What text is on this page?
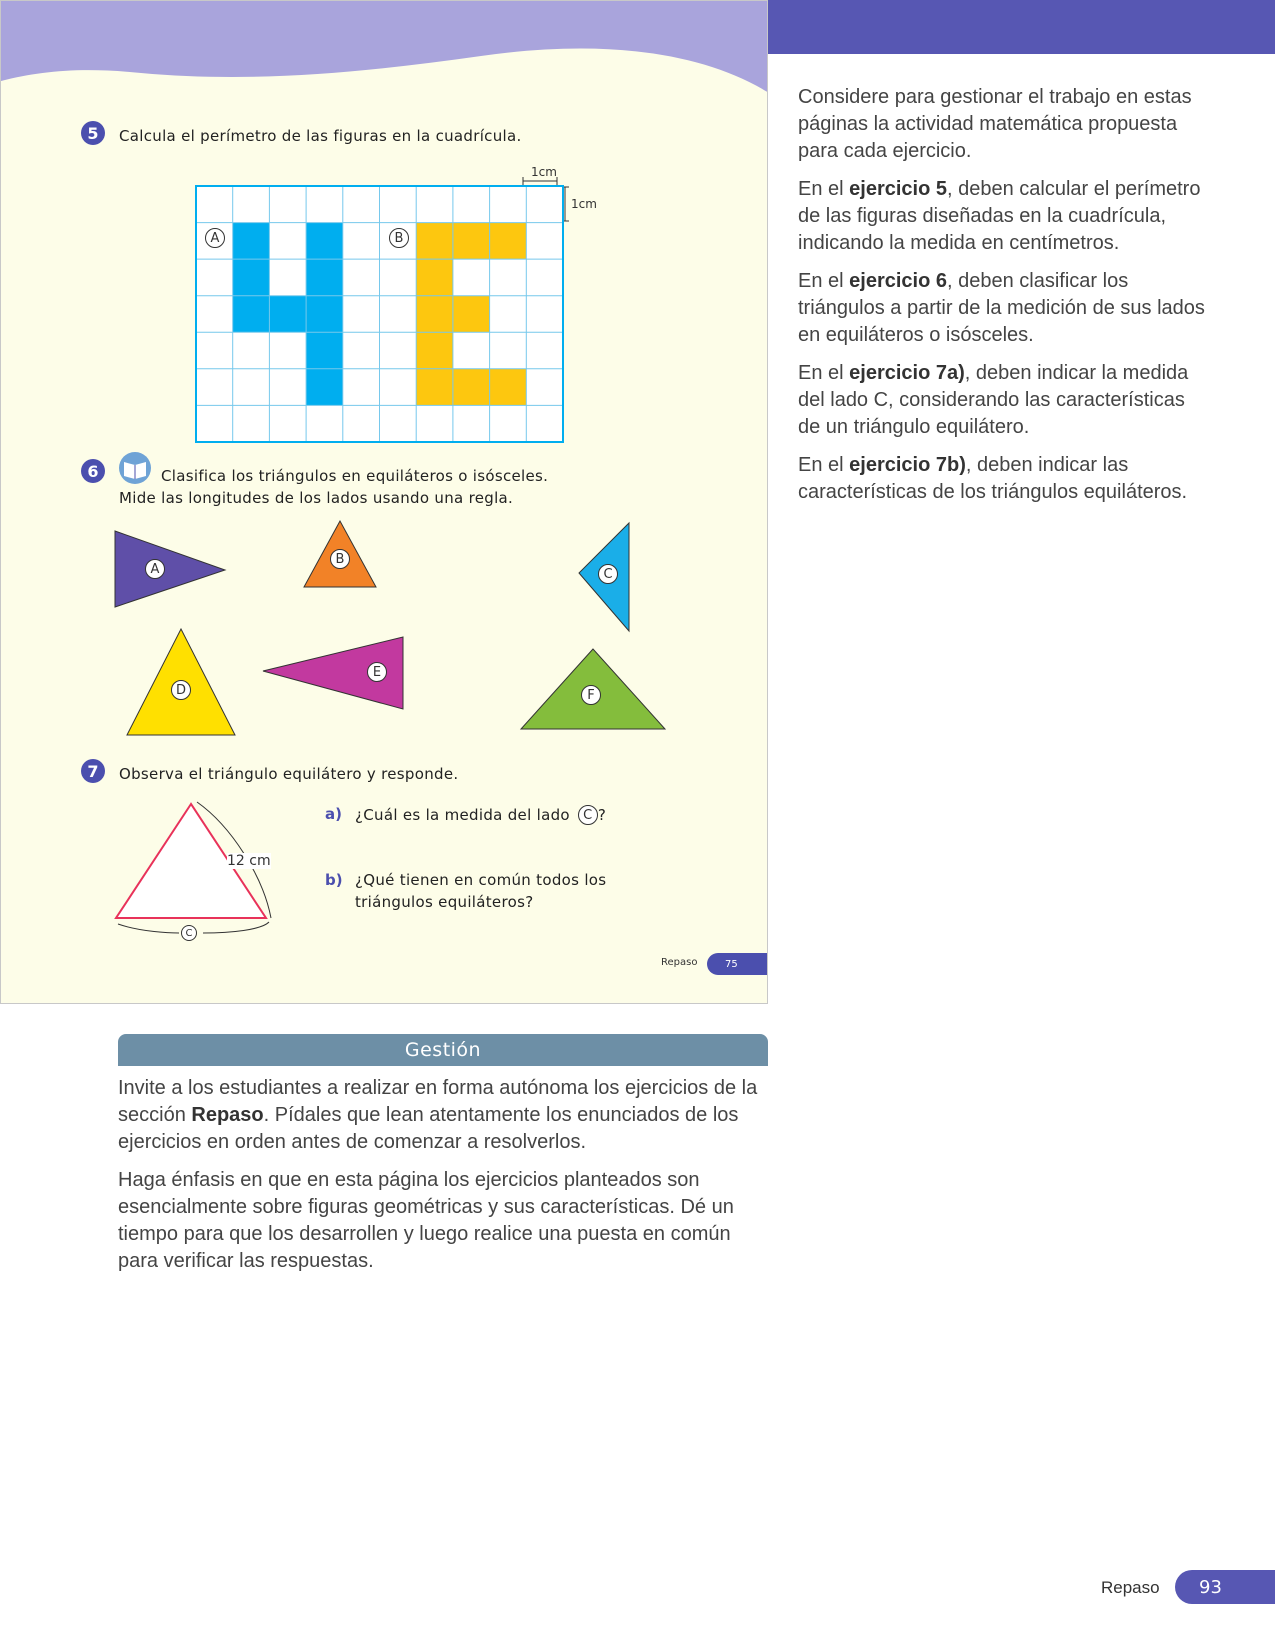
5	Calcula el perímetro de las figuras en la cuadrícula.
1cm
1cm
A	B
6	Clasifica los triángulos en equiláteros o isósceles.
Mide las longitudes de los lados usando una regla.
A
B
C
D
E
F
7	Observa el triángulo equilátero y responde.
12 cm
C
a) ¿Cuál es la medida del lado	C ?
b) ¿Qué tienen en común todos los
triángulos equiláteros?
Repaso	75

Considere para gestionar el trabajo en estas páginas la actividad matemática propuesta para cada ejercicio.

En el ejercicio 5, deben calcular el perímetro de las figuras diseñadas en la cuadrícula, indicando la medida en centímetros.

En el ejercicio 6, deben clasificar los triángulos a partir de la medición de sus lados en equiláteros o isósceles.

En el ejercicio 7a), deben indicar la medida del lado C, considerando las características de un triángulo equilátero.

En el ejercicio 7b), deben indicar las características de los triángulos equiláteros.

Gestión

Invite a los estudiantes a realizar en forma autónoma los ejercicios de la sección Repaso. Pídales que lean atentamente los enunciados de los ejercicios en orden antes de comenzar a resolverlos.

Haga énfasis en que en esta página los ejercicios planteados son esencialmente sobre figuras geométricas y sus características. Dé un tiempo para que los desarrollen y luego realice una puesta en común para verificar las respuestas.

Repaso	93
